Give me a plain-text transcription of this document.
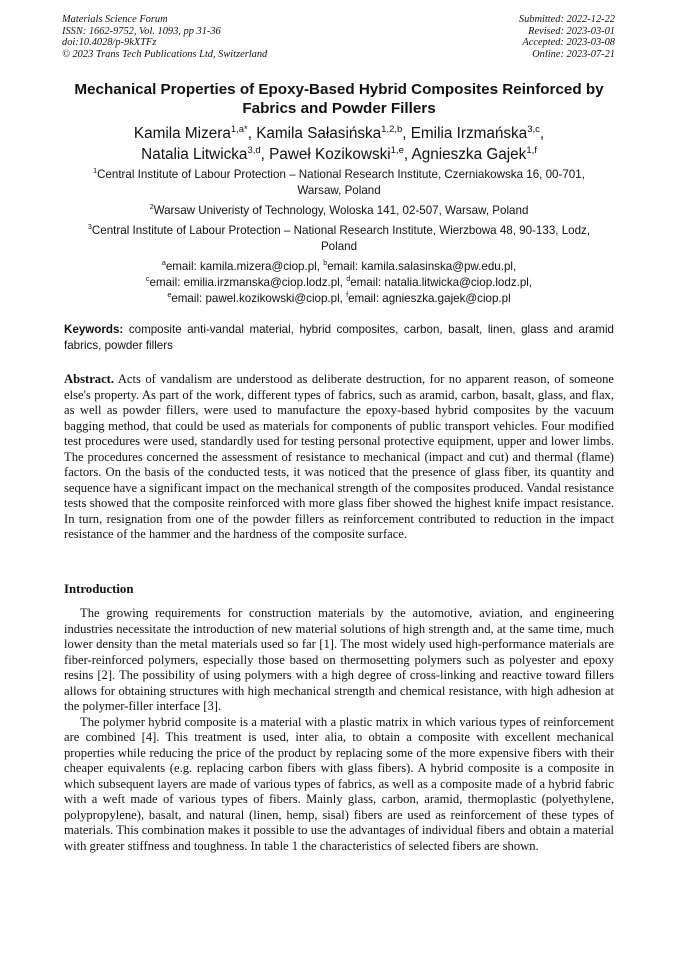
Materials Science Forum
ISSN: 1662-9752, Vol. 1093, pp 31-36
doi:10.4028/p-9kXTFz
© 2023 Trans Tech Publications Ltd, Switzerland
Submitted: 2022-12-22
Revised: 2023-03-01
Accepted: 2023-03-08
Online: 2023-07-21
Mechanical Properties of Epoxy-Based Hybrid Composites Reinforced by Fabrics and Powder Fillers
Kamila Mizera$^{1,a*}$, Kamila Sałasińska$^{1,2,b}$, Emilia Irzmańska$^{3,c}$,
Natalia Litwicka$^{3,d}$, Paweł Kozikowski$^{1,e}$, Agnieszka Gajek$^{1,f}$
$^1$Central Institute of Labour Protection – National Research Institute, Czerniakowska 16, 00-701, Warsaw, Poland
$^2$Warsaw Univeristy of Technology, Woloska 141, 02-507, Warsaw, Poland
$^3$Central Institute of Labour Protection – National Research Institute, Wierzbowa 48, 90-133, Lodz, Poland
$^a$email: kamila.mizera@ciop.pl, $^b$email: kamila.salasinska@pw.edu.pl,
$^c$email: emilia.irzmanska@ciop.lodz.pl, $^d$email: natalia.litwicka@ciop.lodz.pl,
$^e$email: pawel.kozikowski@ciop.pl, $^f$email: agnieszka.gajek@ciop.pl
Keywords: composite anti-vandal material, hybrid composites, carbon, basalt, linen, glass and aramid fabrics, powder fillers
Abstract. Acts of vandalism are understood as deliberate destruction, for no apparent reason, of someone else's property. As part of the work, different types of fabrics, such as aramid, carbon, basalt, glass, and flax, as well as powder fillers, were used to manufacture the epoxy-based hybrid composites by the vacuum bagging method, that could be used as materials for components of public transport vehicles. Four modified test procedures were used, standardly used for testing personal protective equipment, upper and lower limbs. The procedures concerned the assessment of resistance to mechanical (impact and cut) and thermal (flame) factors. On the basis of the conducted tests, it was noticed that the presence of glass fiber, its quantity and sequence have a significant impact on the mechanical strength of the composites produced. Vandal resistance tests showed that the composite reinforced with more glass fiber showed the highest knife impact resistance. In turn, resignation from one of the powder fillers as reinforcement contributed to reduction in the impact resistance of the hammer and the hardness of the composite surface.
Introduction

The growing requirements for construction materials by the automotive, aviation, and engineering industries necessitate the introduction of new material solutions of high strength and, at the same time, much lower density than the metal materials used so far [1]. The most widely used high-performance materials are fiber-reinforced polymers, especially those based on thermosetting polymers such as polyester and epoxy resins [2]. The possibility of using polymers with a high degree of cross-linking and reactive toward fillers allows for obtaining structures with high mechanical strength and chemical resistance, with high adhesion at the polymer-filler interface [3].

The polymer hybrid composite is a material with a plastic matrix in which various types of reinforcement are combined [4]. This treatment is used, inter alia, to obtain a composite with excellent mechanical properties while reducing the price of the product by replacing some of the more expensive fibers with their cheaper equivalents (e.g. replacing carbon fibers with glass fibers). A hybrid composite is a composite in which subsequent layers are made of various types of fabrics, as well as a composite made of a hybrid fabric with a weft made of various types of fibers. Mainly glass, carbon, aramid, thermoplastic (polyethylene, polypropylene), basalt, and natural (linen, hemp, sisal) fibers are used as reinforcement of these types of materials. This combination makes it possible to use the advantages of individual fibers and obtain a material with greater stiffness and toughness. In table 1 the characteristics of selected fibers are shown.
